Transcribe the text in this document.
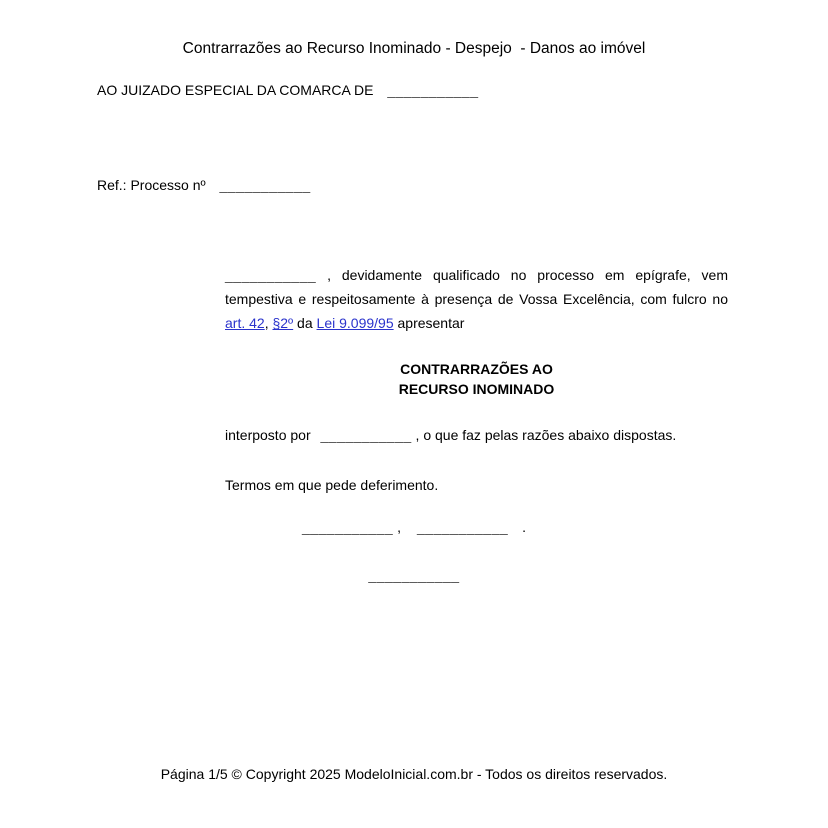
Contrarrazões ao Recurso Inominado - Despejo  - Danos ao imóvel
AO JUIZADO ESPECIAL DA COMARCA DE ___________
Ref.: Processo nº ___________
___________ , devidamente qualificado no processo em epígrafe, vem tempestiva e respeitosamente à presença de Vossa Excelência, com fulcro no art. 42, §2º da Lei 9.099/95 apresentar
CONTRARRAZÕES AO
RECURSO INOMINADO
interposto por ___________ , o que faz pelas razões abaixo dispostas.
Termos em que pede deferimento.
___________ , ___________ .
___________
Página 1/5 © Copyright 2025 ModeloInicial.com.br - Todos os direitos reservados.
